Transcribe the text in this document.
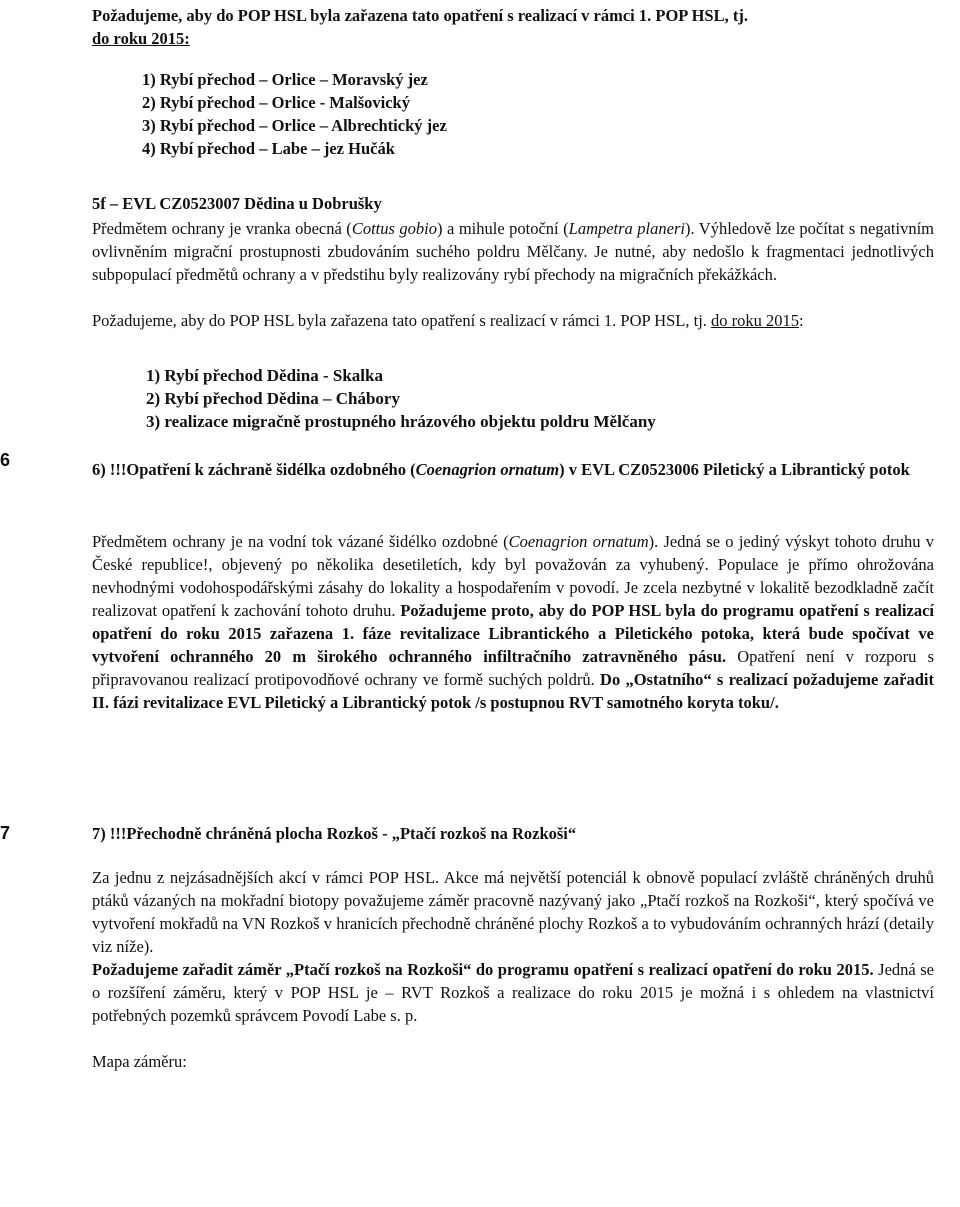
Požadujeme, aby do POP HSL byla zařazena tato opatření s realizací v rámci 1. POP HSL, tj.
do roku 2015:

1) Rybí přechod – Orlice – Moravský jez
2) Rybí přechod – Orlice - Malšovický
3) Rybí přechod – Orlice – Albrechtický jez
4) Rybí přechod – Labe – jez Hučák

5f – EVL CZ0523007 Dědina u Dobrušky

Předmětem ochrany je vranka obecná (Cottus gobio) a mihule potoční (Lampetra planeri). Výhledově lze počítat s negativním ovlivněním migrační prostupnosti zbudováním suchého poldru Mělčany. Je nutné, aby nedošlo k fragmentaci jednotlivých subpopulací předmětů ochrany a v předstihu byly realizovány rybí přechody na migračních překážkách.

Požadujeme, aby do POP HSL byla zařazena tato opatření s realizací v rámci 1. POP HSL, tj. do roku 2015:

1) Rybí přechod Dědina - Skalka
2) Rybí přechod Dědina – Chábory
3) realizace migračně prostupného hrázového objektu poldru Mělčany
6	6) !!!Opatření k záchraně šidélka ozdobného (Coenagrion ornatum) v EVL CZ0523006 Piletický a Librantický potok

Předmětem ochrany je na vodní tok vázané šidélko ozdobné (Coenagrion ornatum). Jedná se o jediný výskyt tohoto druhu v České republice!, objevený po několika desetiletích, kdy byl považován za vyhubený. Populace je přímo ohrožována nevhodnými vodohospodářskými zásahy do lokality a hospodařením v povodí. Je zcela nezbytné v lokalitě bezodkladně začít realizovat opatření k zachování tohoto druhu. Požadujeme proto, aby do POP HSL byla do programu opatření s realizací opatření do roku 2015 zařazena 1. fáze revitalizace Librantického a Piletického potoka, která bude spočívat ve vytvoření ochranného 20 m širokého ochranného infiltračního zatravněného pásu. Opatření není v rozporu s připravovanou realizací protipovodňové ochrany ve formě suchých poldrů. Do „Ostatního“ s realizací požadujeme zařadit II. fázi revitalizace EVL Piletický a Librantický potok /s postupnou RVT samotného koryta toku/.

7	7) !!!Přechodně chráněná plocha Rozkoš - „Ptačí rozkoš na Rozkoši“

Za jednu z nejzásadnějších akcí v rámci POP HSL. Akce má největší potenciál k obnově populací zvláště chráněných druhů ptáků vázaných na mokřadní biotopy považujeme záměr pracovně nazývaný jako „Ptačí rozkoš na Rozkoši“, který spočívá ve vytvoření mokřadů na VN Rozkoš v hranicích přechodně chráněné plochy Rozkoš a to vybudováním ochranných hrází (detaily viz níže).

Požadujeme zařadit záměr „Ptačí rozkoš na Rozkoši“ do programu opatření s realizací opatření do roku 2015. Jedná se o rozšíření záměru, který v POP HSL je – RVT Rozkoš a realizace do roku 2015 je možná i s ohledem na vlastnictví potřebných pozemků správcem Povodí Labe s. p.

Mapa záměru:
